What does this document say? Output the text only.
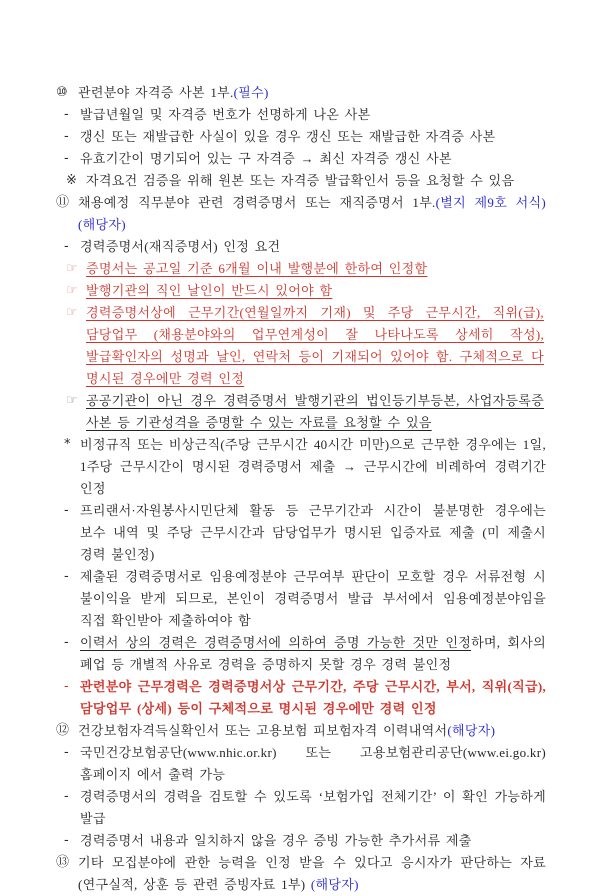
⑩ 관련분야 자격증 사본 1부.(필수)
- 발급년월일 및 자격증 번호가 선명하게 나온 사본
- 갱신 또는 재발급한 사실이 있을 경우 갱신 또는 재발급한 자격증 사본
- 유효기간이 명기되어 있는 구 자격증 → 최신 자격증 갱신 사본
※ 자격요건 검증을 위해 원본 또는 자격증 발급확인서 등을 요청할 수 있음
⑪ 채용예정 직무분야 관련 경력증명서 또는 재직증명서 1부.(별지 제9호 서식)(해당자)
- 경력증명서(재직증명서) 인정 요건
☞ 증명서는 공고일 기준 6개월 이내 발행분에 한하여 인정함
☞ 발행기관의 직인 날인이 반드시 있어야 함
☞ 경력증명서상에 근무기간(연월일까지 기재) 및 주당 근무시간, 직위(급), 담당업무 (채용분야와의 업무연계성이 잘 나타나도록 상세히 작성), 발급확인자의 성명과 날인, 연락처 등이 기재되어 있어야 함. 구체적으로 다 명시된 경우에만 경력 인정
☞ 공공기관이 아닌 경우 경력증명서 발행기관의 법인등기부등본, 사업자등록증 사본 등 기관성격을 증명할 수 있는 자료를 요청할 수 있음
* 비정규직 또는 비상근직(주당 근무시간 40시간 미만)으로 근무한 경우에는 1일, 1주당 근무시간이 명시된 경력증명서 제출 → 근무시간에 비례하여 경력기간 인정
- 프리랜서·자원봉사시민단체 활동 등 근무기간과 시간이 불분명한 경우에는 보수 내역 및 주당 근무시간과 담당업무가 명시된 입증자료 제출 (미 제출시 경력 불인정)
- 제출된 경력증명서로 임용예정분야 근무여부 판단이 모호할 경우 서류전형 시 불이익을 받게 되므로, 본인이 경력증명서 발급 부서에서 임용예정분야임을 직접 확인받아 제출하여야 함
- 이력서 상의 경력은 경력증명서에 의하여 증명 가능한 것만 인정하며, 회사의 폐업 등 개별적 사유로 경력을 증명하지 못할 경우 경력 불인정
- 관련분야 근무경력은 경력증명서상 근무기간, 주당 근무시간, 부서, 직위(직급), 담당업무 (상세) 등이 구체적으로 명시된 경우에만 경력 인정
⑫ 건강보험자격득실확인서 또는 고용보험 피보험자격 이력내역서(해당자)
- 국민건강보험공단(www.nhic.or.kr) 또는 고용보험관리공단(www.ei.go.kr) 홈페이지 에서 출력 가능
- 경력증명서의 경력을 검토할 수 있도록 ‘보험가입 전체기간’ 이 확인 가능하게 발급
- 경력증명서 내용과 일치하지 않을 경우 증빙 가능한 추가서류 제출
⑬ 기타 모집분야에 관한 능력을 인정 받을 수 있다고 응시자가 판단하는 자료 (연구실적, 상훈 등 관련 증빙자료 1부) (해당자)
